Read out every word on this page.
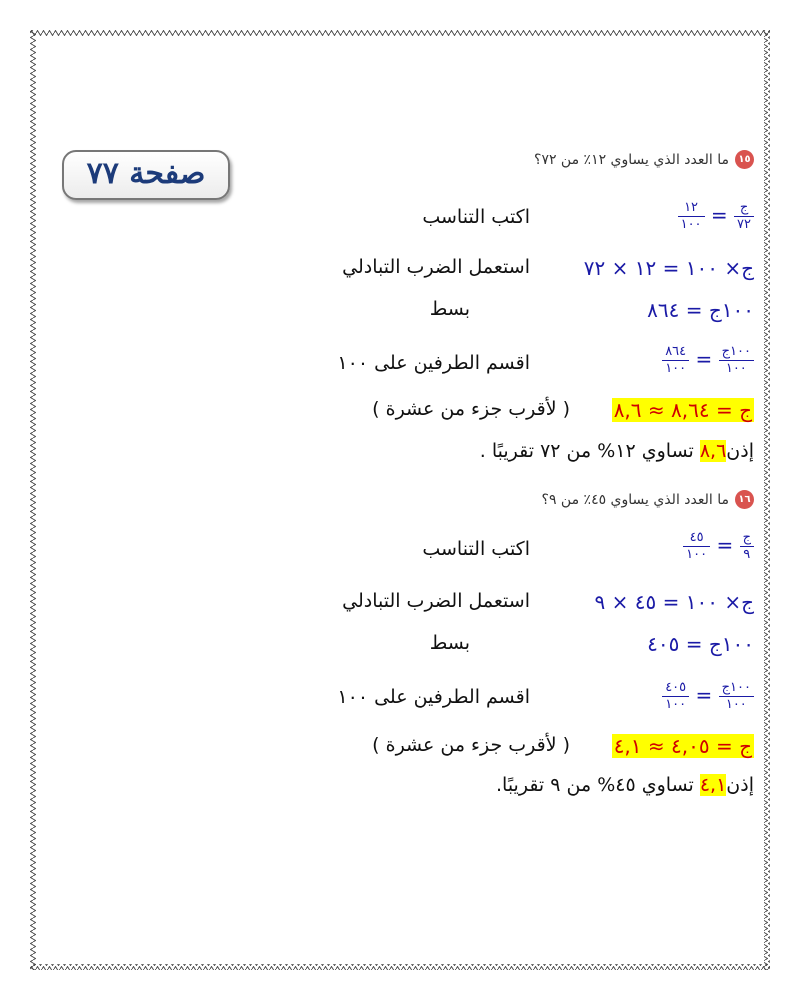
صفحة ٧٧	١٥
ما العدد الذي يساوي ١٢٪ من ٧٢؟
$\frac{\text{ج}}{٧٢}$
=
$\frac{١٢}{١٠٠}$
اكتب التناسب
ج× ١٠٠ = ١٢ × ٧٢
استعمل الضرب التبادلي
١٠٠ج = ٨٦٤
بسط
$\frac{\text{١٠٠ج}}{١٠٠}$
=
$\frac{٨٦٤}{١٠٠}$
اقسم الطرفين على ١٠٠
ج = ٨,٦٤ ≈ ٨,٦
( لأقرب جزء من عشرة )
إذن٨,٦ تساوي ١٢% من ٧٢ تقريبًا .
١٦
ما العدد الذي يساوي ٤٥٪ من ٩؟
$\frac{\text{ج}}{٩}$
=
$\frac{٤٥}{١٠٠}$
اكتب التناسب
ج× ١٠٠ = ٤٥ × ٩
استعمل الضرب التبادلي
١٠٠ج = ٤٠٥
بسط
$\frac{\text{١٠٠ج}}{١٠٠}$
=
$\frac{٤٠٥}{١٠٠}$
اقسم الطرفين على ١٠٠
ج = ٤,٠٥ ≈ ٤,١
( لأقرب جزء من عشرة )
إذن٤,١ تساوي ٤٥% من ٩ تقريبًا.
